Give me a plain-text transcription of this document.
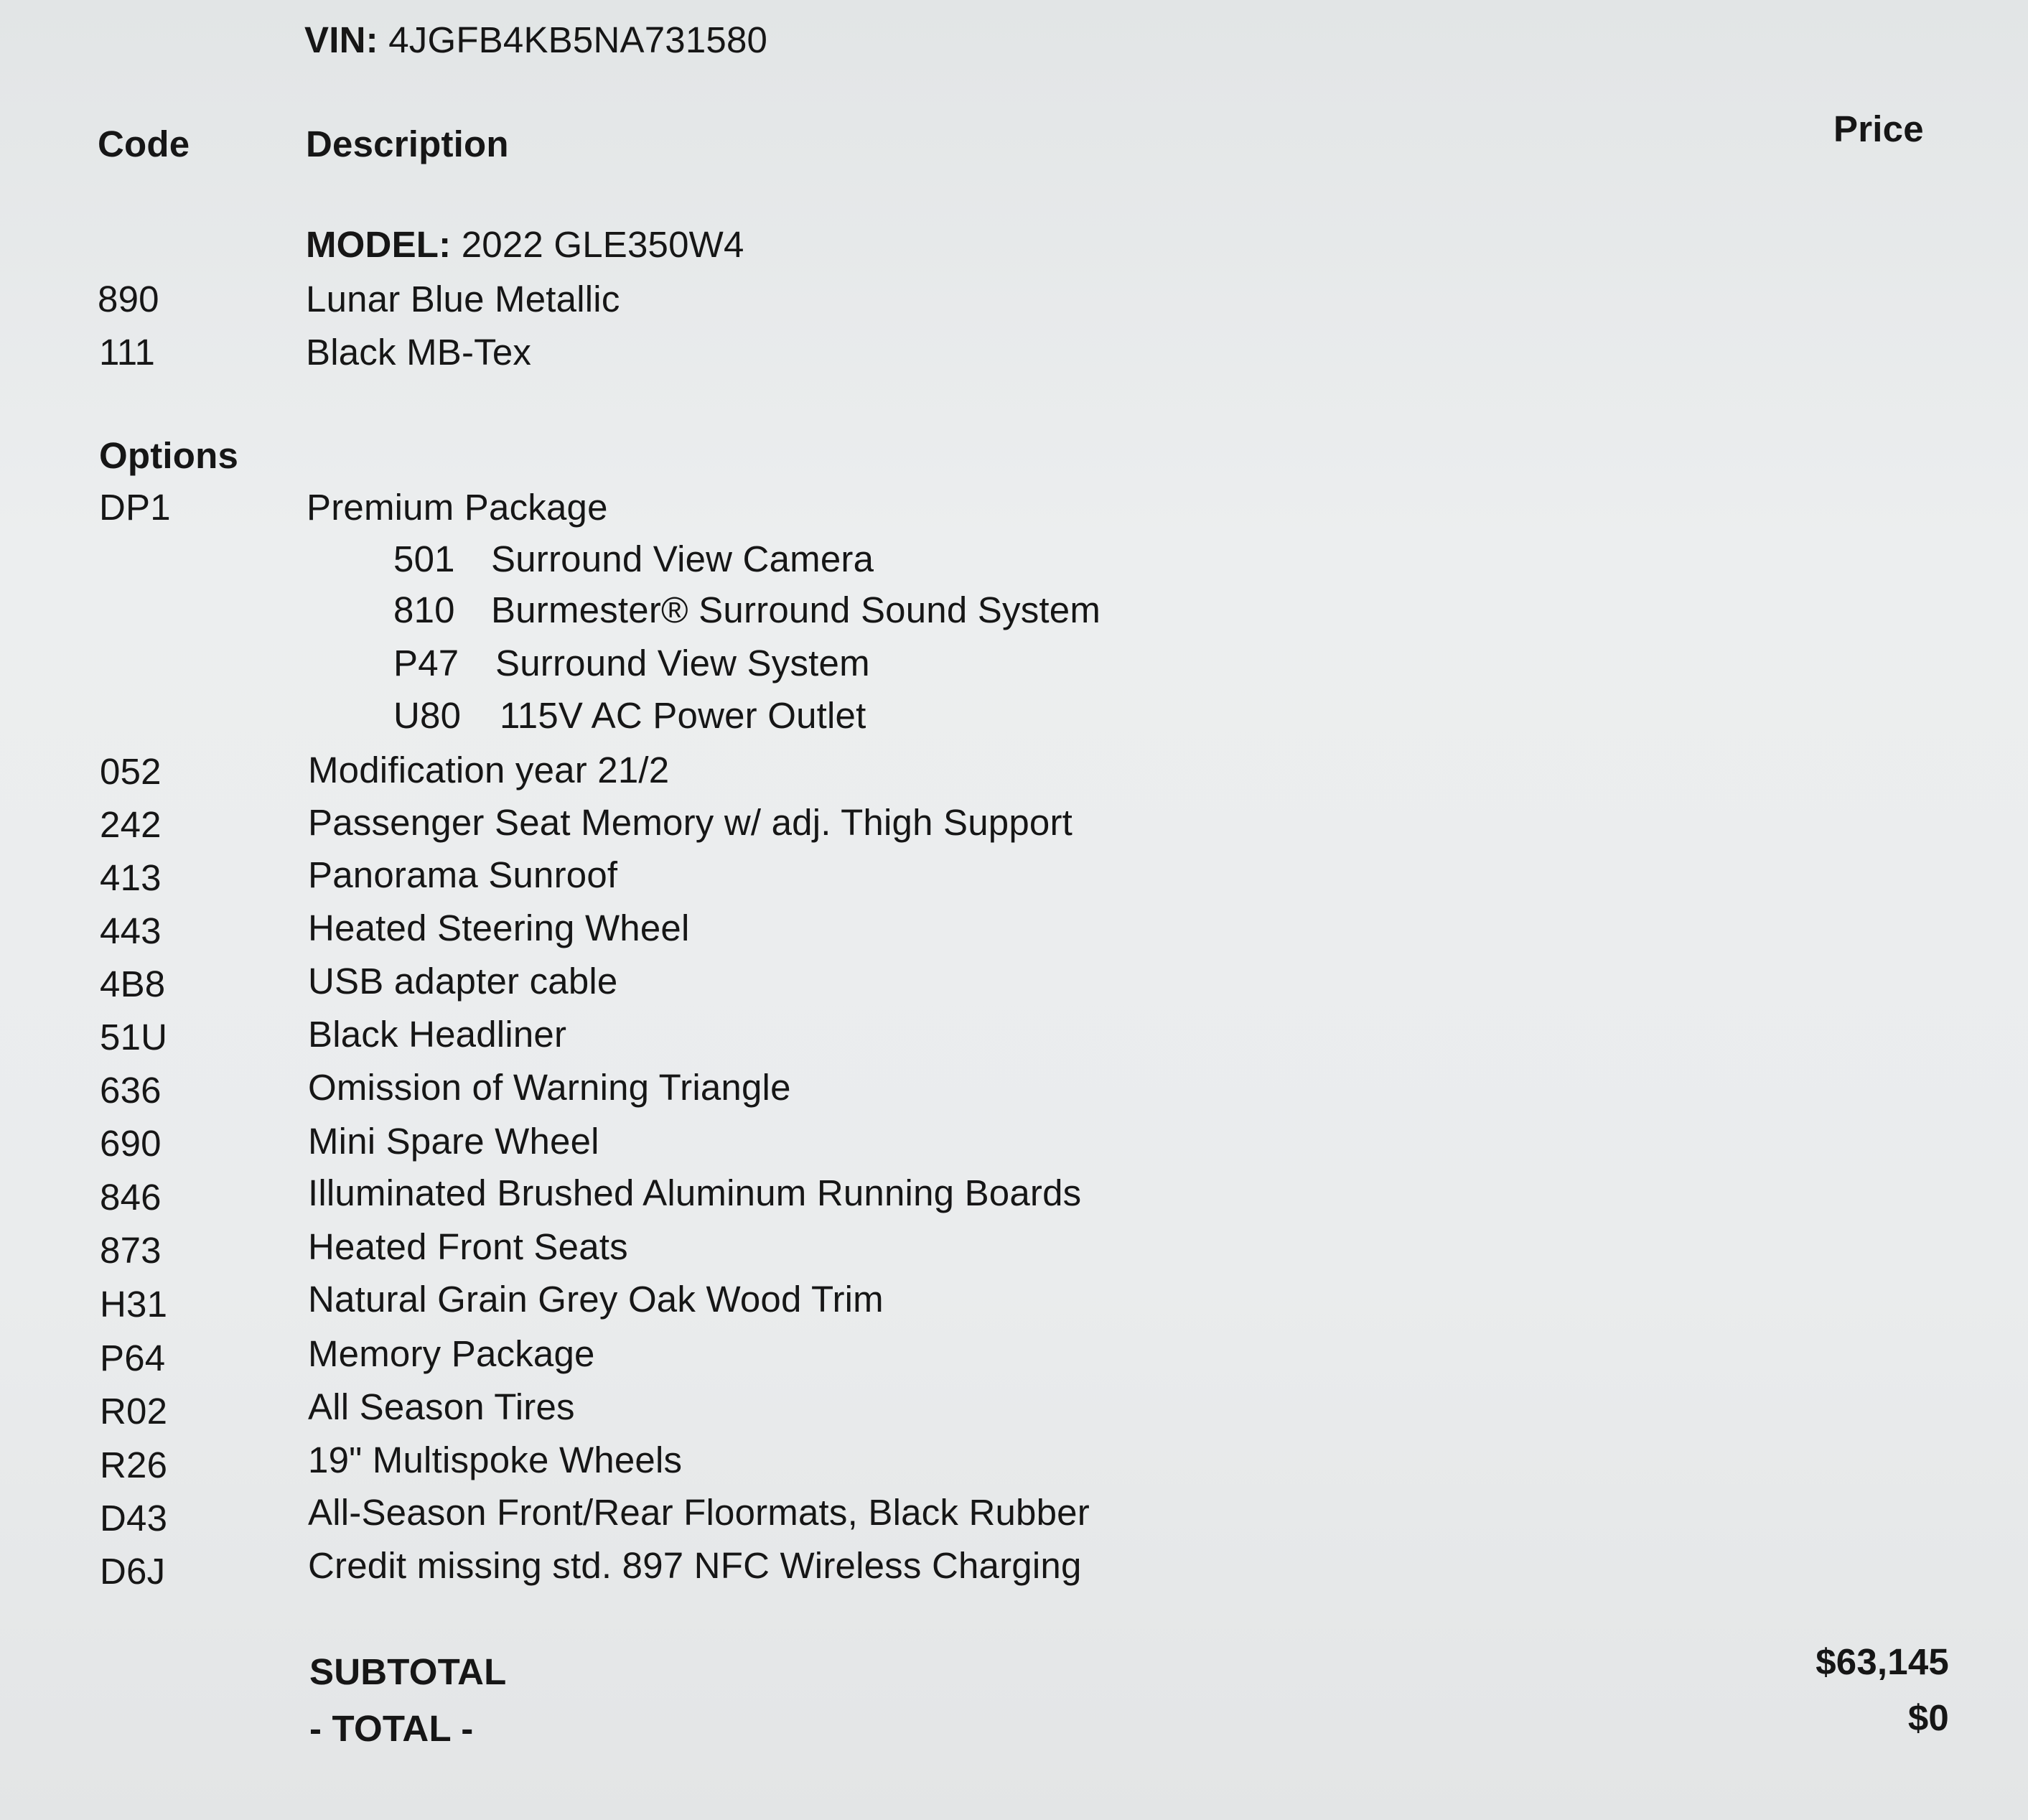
VIN: 4JGFB4KB5NA731580
Code	Description	Price
MODEL: 2022 GLE350W4
890	Lunar Blue Metallic
111	Black MB-Tex
Options
DP1	Premium Package
501 Surround View Camera
810 Burmester® Surround Sound System
P47 Surround View System
U80 115V AC Power Outlet
052	Modification year 21/2
242	Passenger Seat Memory w/ adj. Thigh Support
413	Panorama Sunroof
443	Heated Steering Wheel
4B8	USB adapter cable
51U	Black Headliner
636	Omission of Warning Triangle
690	Mini Spare Wheel
846	Illuminated Brushed Aluminum Running Boards
873	Heated Front Seats
H31	Natural Grain Grey Oak Wood Trim
P64	Memory Package
R02	All Season Tires
R26	19" Multispoke Wheels
D43	All-Season Front/Rear Floormats, Black Rubber
D6J	Credit missing std. 897 NFC Wireless Charging
SUBTOTAL	$63,145
- TOTAL -	$0
